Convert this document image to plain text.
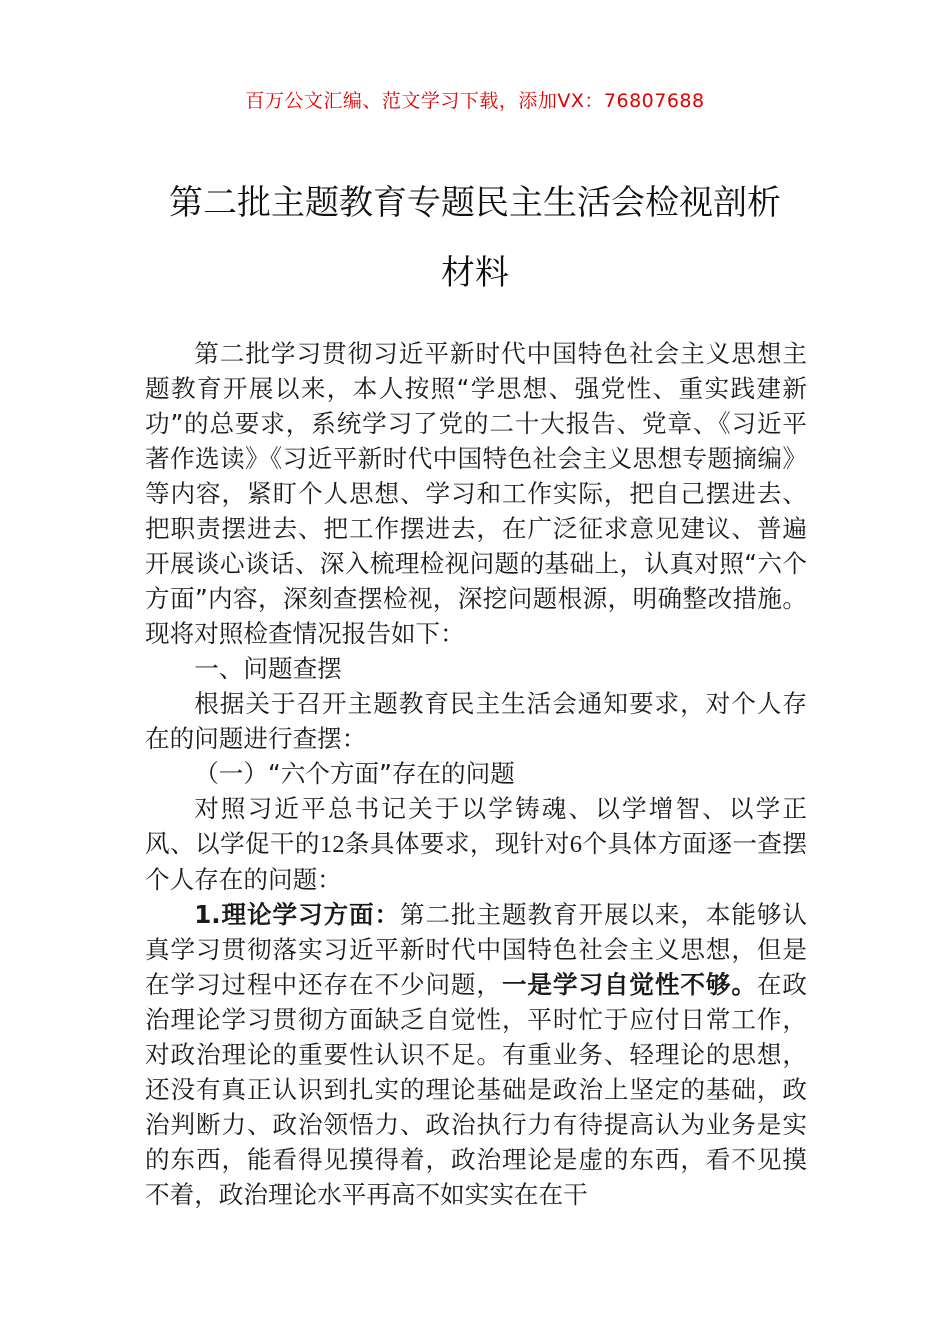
百万公文汇编、范文学习下载，添加VX：76807688
第二批主题教育专题民主生活会检视剖析
材料

第二批学习贯彻习近平新时代中国特色社会主义思想主题教育开展以来，本人按照“学思想、强党性、重实践建新功”的总要求，系统学习了党的二十大报告、党章、《习近平著作选读》《习近平新时代中国特色社会主义思想专题摘编》等内容，紧盯个人思想、学习和工作实际，把自己摆进去、把职责摆进去、把工作摆进去，在广泛征求意见建议、普遍开展谈心谈话、深入梳理检视问题的基础上，认真对照“六个方面”内容，深刻查摆检视，深挖问题根源，明确整改措施。现将对照检查情况报告如下：

一、问题查摆

根据关于召开主题教育民主生活会通知要求，对个人存在的问题进行查摆：

（一）“六个方面”存在的问题

对照习近平总书记关于以学铸魂、以学增智、以学正风、以学促干的12条具体要求，现针对6个具体方面逐一查摆个人存在的问题：

1.理论学习方面：第二批主题教育开展以来，本能够认真学习贯彻落实习近平新时代中国特色社会主义思想，但是在学习过程中还存在不少问题，一是学习自觉性不够。在政治理论学习贯彻方面缺乏自觉性，平时忙于应付日常工作，对政治理论的重要性认识不足。有重业务、轻理论的思想，还没有真正认识到扎实的理论基础是政治上坚定的基础，政治判断力、政治领悟力、政治执行力有待提高认为业务是实的东西，能看得见摸得着，政治理论是虚的东西，看不见摸不着，政治理论水平再高不如实实在在干
